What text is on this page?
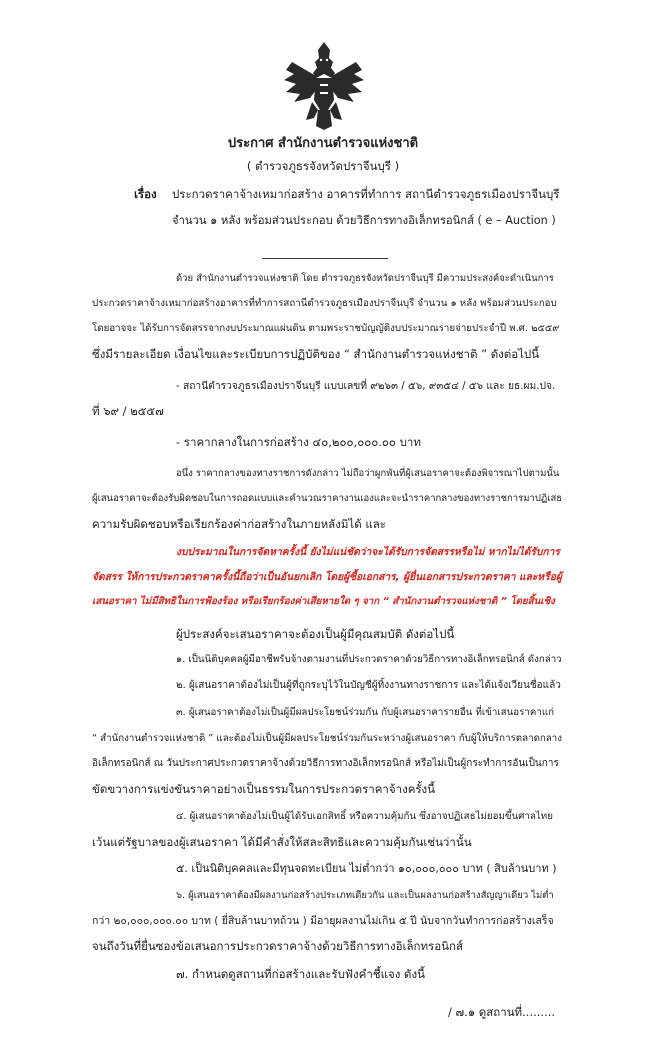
ประกาศ สำนักงานตำรวจแห่งชาติ
( ตำรวจภูธรจังหวัดปราจีนบุรี )
เรื่อง ประกวดราคาจ้างเหมาก่อสร้าง อาคารที่ทำการ สถานีตำรวจภูธรเมืองปราจีนบุรี
จำนวน ๑ หลัง พร้อมส่วนประกอบ ด้วยวิธีการทางอิเล็กทรอนิกส์ ( e – Auction )
ด้วย สำนักงานตำรวจแห่งชาติ โดย ตำรวจภูธรจังหวัดปราจีนบุรี มีความประสงค์จะดำเนินการ
ประกวดราคาจ้างเหมาก่อสร้างอาคารที่ทำการสถานีตำรวจภูธรเมืองปราจีนบุรี จำนวน ๑ หลัง พร้อมส่วนประกอบ
โดยอาจจะ ได้รับการจัดสรรจากงบประมาณแผ่นดิน ตามพระราชบัญญัติงบประมาณรายจ่ายประจำปี พ.ศ. ๒๕๕๙
ซึ่งมีรายละเอียด เงื่อนไขและระเบียบการปฏิบัติของ “ สำนักงานตำรวจแห่งชาติ ” ดังต่อไปนี้
- สถานีตำรวจภูธรเมืองปราจีนบุรี แบบเลขที่ ๙๒๖๓ / ๕๖, ๙๓๕๔ / ๕๖ และ ยธ.ผม.ปจ.
ที่ ๖๙ / ๒๕๕๗
- ราคากลางในการก่อสร้าง ๔๐,๒๐๐,๐๐๐.๐๐ บาท
อนึ่ง ราคากลางของทางราชการดังกล่าว ไม่ถือว่าผูกพันที่ผู้เสนอราคาจะต้องพิจารณาไปตามนั้น
ผู้เสนอราคาจะต้องรับผิดชอบในการถอดแบบและคำนวณราคางานเองและจะนำราคากลางของทางราชการมาปฏิเสธ
ความรับผิดชอบหรือเรียกร้องค่าก่อสร้างในภายหลังมิได้ และ
งบประมาณในการจัดหาครั้งนี้ ยังไม่แน่ชัดว่าจะได้รับการจัดสรรหรือไม่ หากไม่ได้รับการ
จัดสรร ให้การประกวดราคาครั้งนี้ถือว่าเป็นอันยกเลิก โดยผู้ซื้อเอกสาร, ผู้ยื่นเอกสารประกวดราคา และหรือผู้
เสนอราคา ไม่มีสิทธิในการฟ้องร้อง หรือเรียกร้องค่าเสียหายใด ๆ จาก “ สำนักงานตำรวจแห่งชาติ ” โดยสิ้นเชิง
ผู้ประสงค์จะเสนอราคาจะต้องเป็นผู้มีคุณสมบัติ ดังต่อไปนี้
๑. เป็นนิติบุคคลผู้มีอาชีพรับจ้างตามงานที่ประกวดราคาด้วยวิธีการทางอิเล็กทรอนิกส์ ดังกล่าว
๒. ผู้เสนอราคาต้องไม่เป็นผู้ที่ถูกระบุไว้ในบัญชีผู้ทิ้งงานทางราชการ และได้แจ้งเวียนชื่อแล้ว
๓. ผู้เสนอราคาต้องไม่เป็นผู้มีผลประโยชน์ร่วมกัน กับผู้เสนอราคารายอื่น ที่เข้าเสนอราคาแก่
“ สำนักงานตำรวจแห่งชาติ ” และต้องไม่เป็นผู้มีผลประโยชน์ร่วมกันระหว่างผู้เสนอราคา กับผู้ให้บริการตลาดกลาง
อิเล็กทรอนิกส์ ณ วันประกาศประกวดราคาจ้างด้วยวิธีการทางอิเล็กทรอนิกส์ หรือไม่เป็นผู้กระทำการอันเป็นการ
ขัดขวางการแข่งขันราคาอย่างเป็นธรรมในการประกวดราคาจ้างครั้งนี้
๔. ผู้เสนอราคาต้องไม่เป็นผู้ได้รับเอกสิทธิ์ หรือความคุ้มกัน ซึ่งอาจปฏิเสธไม่ยอมขึ้นศาลไทย
เว้นแต่รัฐบาลของผู้เสนอราคา ได้มีคำสั่งให้สละสิทธิและความคุ้มกันเช่นว่านั้น
๕. เป็นนิติบุคคลและมีทุนจดทะเบียน ไม่ต่ำกว่า ๑๐,๐๐๐,๐๐๐ บาท ( สิบล้านบาท )
๖. ผู้เสนอราคาต้องมีผลงานก่อสร้างประเภทเดียวกัน และเป็นผลงานก่อสร้างสัญญาเดียว ไม่ต่ำ
กว่า ๒๐,๐๐๐,๐๐๐.๐๐ บาท ( ยี่สิบล้านบาทถ้วน ) มีอายุผลงานไม่เกิน ๕ ปี นับจากวันทำการก่อสร้างเสร็จ
จนถึงวันที่ยื่นซองข้อเสนอการประกวดราคาจ้างด้วยวิธีการทางอิเล็กทรอนิกส์
๗. กำหนดดูสถานที่ก่อสร้างและรับฟังคำชี้แจง ดังนี้
/ ๗.๑ ดูสถานที่.........
